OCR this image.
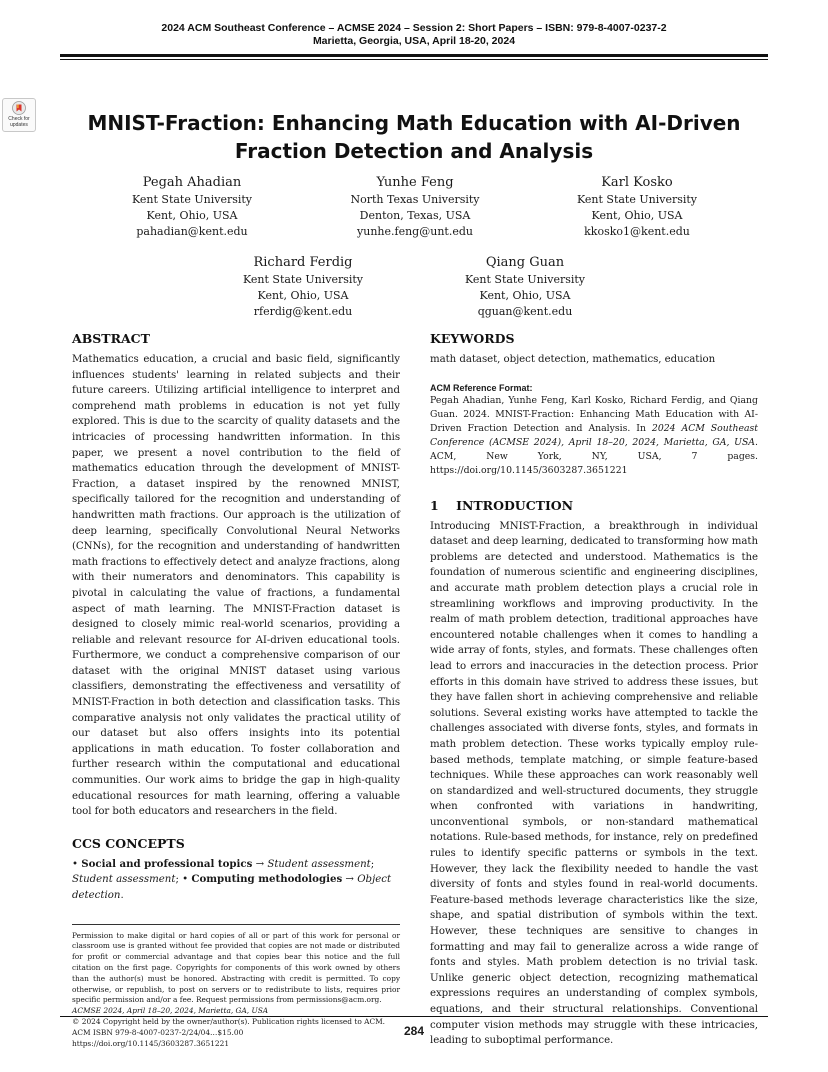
2024 ACM Southeast Conference – ACMSE 2024 – Session 2: Short Papers – ISBN: 979-8-4007-0237-2
Marietta, Georgia, USA, April 18-20, 2024
Check for
updates	MNIST-Fraction: Enhancing Math Education with AI-Driven
Fraction Detection and Analysis
Pegah Ahadian
Kent State University
Kent, Ohio, USA
pahadian@kent.edu
Yunhe Feng
North Texas University
Denton, Texas, USA
yunhe.feng@unt.edu
Karl Kosko
Kent State University
Kent, Ohio, USA
kkosko1@kent.edu
Richard Ferdig
Kent State University
Kent, Ohio, USA
rferdig@kent.edu
Qiang Guan
Kent State University
Kent, Ohio, USA
qguan@kent.edu
ABSTRACT

Mathematics education, a crucial and basic field, significantly influences students' learning in related subjects and their future careers. Utilizing artificial intelligence to interpret and comprehend math problems in education is not yet fully explored. This is due to the scarcity of quality datasets and the intricacies of processing handwritten information. In this paper, we present a novel contribution to the field of mathematics education through the development of MNIST-Fraction, a dataset inspired by the renowned MNIST, specifically tailored for the recognition and understanding of handwritten math fractions. Our approach is the utilization of deep learning, specifically Convolutional Neural Networks (CNNs), for the recognition and understanding of handwritten math fractions to effectively detect and analyze fractions, along with their numerators and denominators. This capability is pivotal in calculating the value of fractions, a fundamental aspect of math learning. The MNIST-Fraction dataset is designed to closely mimic real-world scenarios, providing a reliable and relevant resource for AI-driven educational tools. Furthermore, we conduct a comprehensive comparison of our dataset with the original MNIST dataset using various classifiers, demonstrating the effectiveness and versatility of MNIST-Fraction in both detection and classification tasks. This comparative analysis not only validates the practical utility of our dataset but also offers insights into its potential applications in math education. To foster collaboration and further research within the computational and educational communities. Our work aims to bridge the gap in high-quality educational resources for math learning, offering a valuable tool for both educators and researchers in the field.

CCS CONCEPTS

• Social and professional topics → Student assessment; Student assessment; • Computing methodologies → Object detection.

Permission to make digital or hard copies of all or part of this work for personal or classroom use is granted without fee provided that copies are not made or distributed for profit or commercial advantage and that copies bear this notice and the full citation on the first page. Copyrights for components of this work owned by others than the author(s) must be honored. Abstracting with credit is permitted. To copy otherwise, or republish, to post on servers or to redistribute to lists, requires prior specific permission and/or a fee. Request permissions from permissions@acm.org.
ACMSE 2024, April 18–20, 2024, Marietta, GA, USA
© 2024 Copyright held by the owner/author(s). Publication rights licensed to ACM.
ACM ISBN 979-8-4007-0237-2/24/04…$15.00
https://doi.org/10.1145/3603287.3651221

KEYWORDS

math dataset, object detection, mathematics, education

ACM Reference Format:

Pegah Ahadian, Yunhe Feng, Karl Kosko, Richard Ferdig, and Qiang Guan. 2024. MNIST-Fraction: Enhancing Math Education with AI-Driven Fraction Detection and Analysis. In 2024 ACM Southeast Conference (ACMSE 2024), April 18–20, 2024, Marietta, GA, USA. ACM, New York, NY, USA, 7 pages. https://doi.org/10.1145/3603287.3651221

1    INTRODUCTION

Introducing MNIST-Fraction, a breakthrough in individual dataset and deep learning, dedicated to transforming how math problems are detected and understood. Mathematics is the foundation of numerous scientific and engineering disciplines, and accurate math problem detection plays a crucial role in streamlining workflows and improving productivity. In the realm of math problem detection, traditional approaches have encountered notable challenges when it comes to handling a wide array of fonts, styles, and formats. These challenges often lead to errors and inaccuracies in the detection process. Prior efforts in this domain have strived to address these issues, but they have fallen short in achieving comprehensive and reliable solutions. Several existing works have attempted to tackle the challenges associated with diverse fonts, styles, and formats in math problem detection. These works typically employ rule-based methods, template matching, or simple feature-based techniques. While these approaches can work reasonably well on standardized and well-structured documents, they struggle when confronted with variations in handwriting, unconventional symbols, or non-standard mathematical notations. Rule-based methods, for instance, rely on predefined rules to identify specific patterns or symbols in the text. However, they lack the flexibility needed to handle the vast diversity of fonts and styles found in real-world documents. Feature-based methods leverage characteristics like the size, shape, and spatial distribution of symbols within the text. However, these techniques are sensitive to changes in formatting and may fail to generalize across a wide range of fonts and styles. Math problem detection is no trivial task. Unlike generic object detection, recognizing mathematical expressions requires an understanding of complex symbols, equations, and their structural relationships. Conventional computer vision methods may struggle with these intricacies, leading to suboptimal performance.

284
